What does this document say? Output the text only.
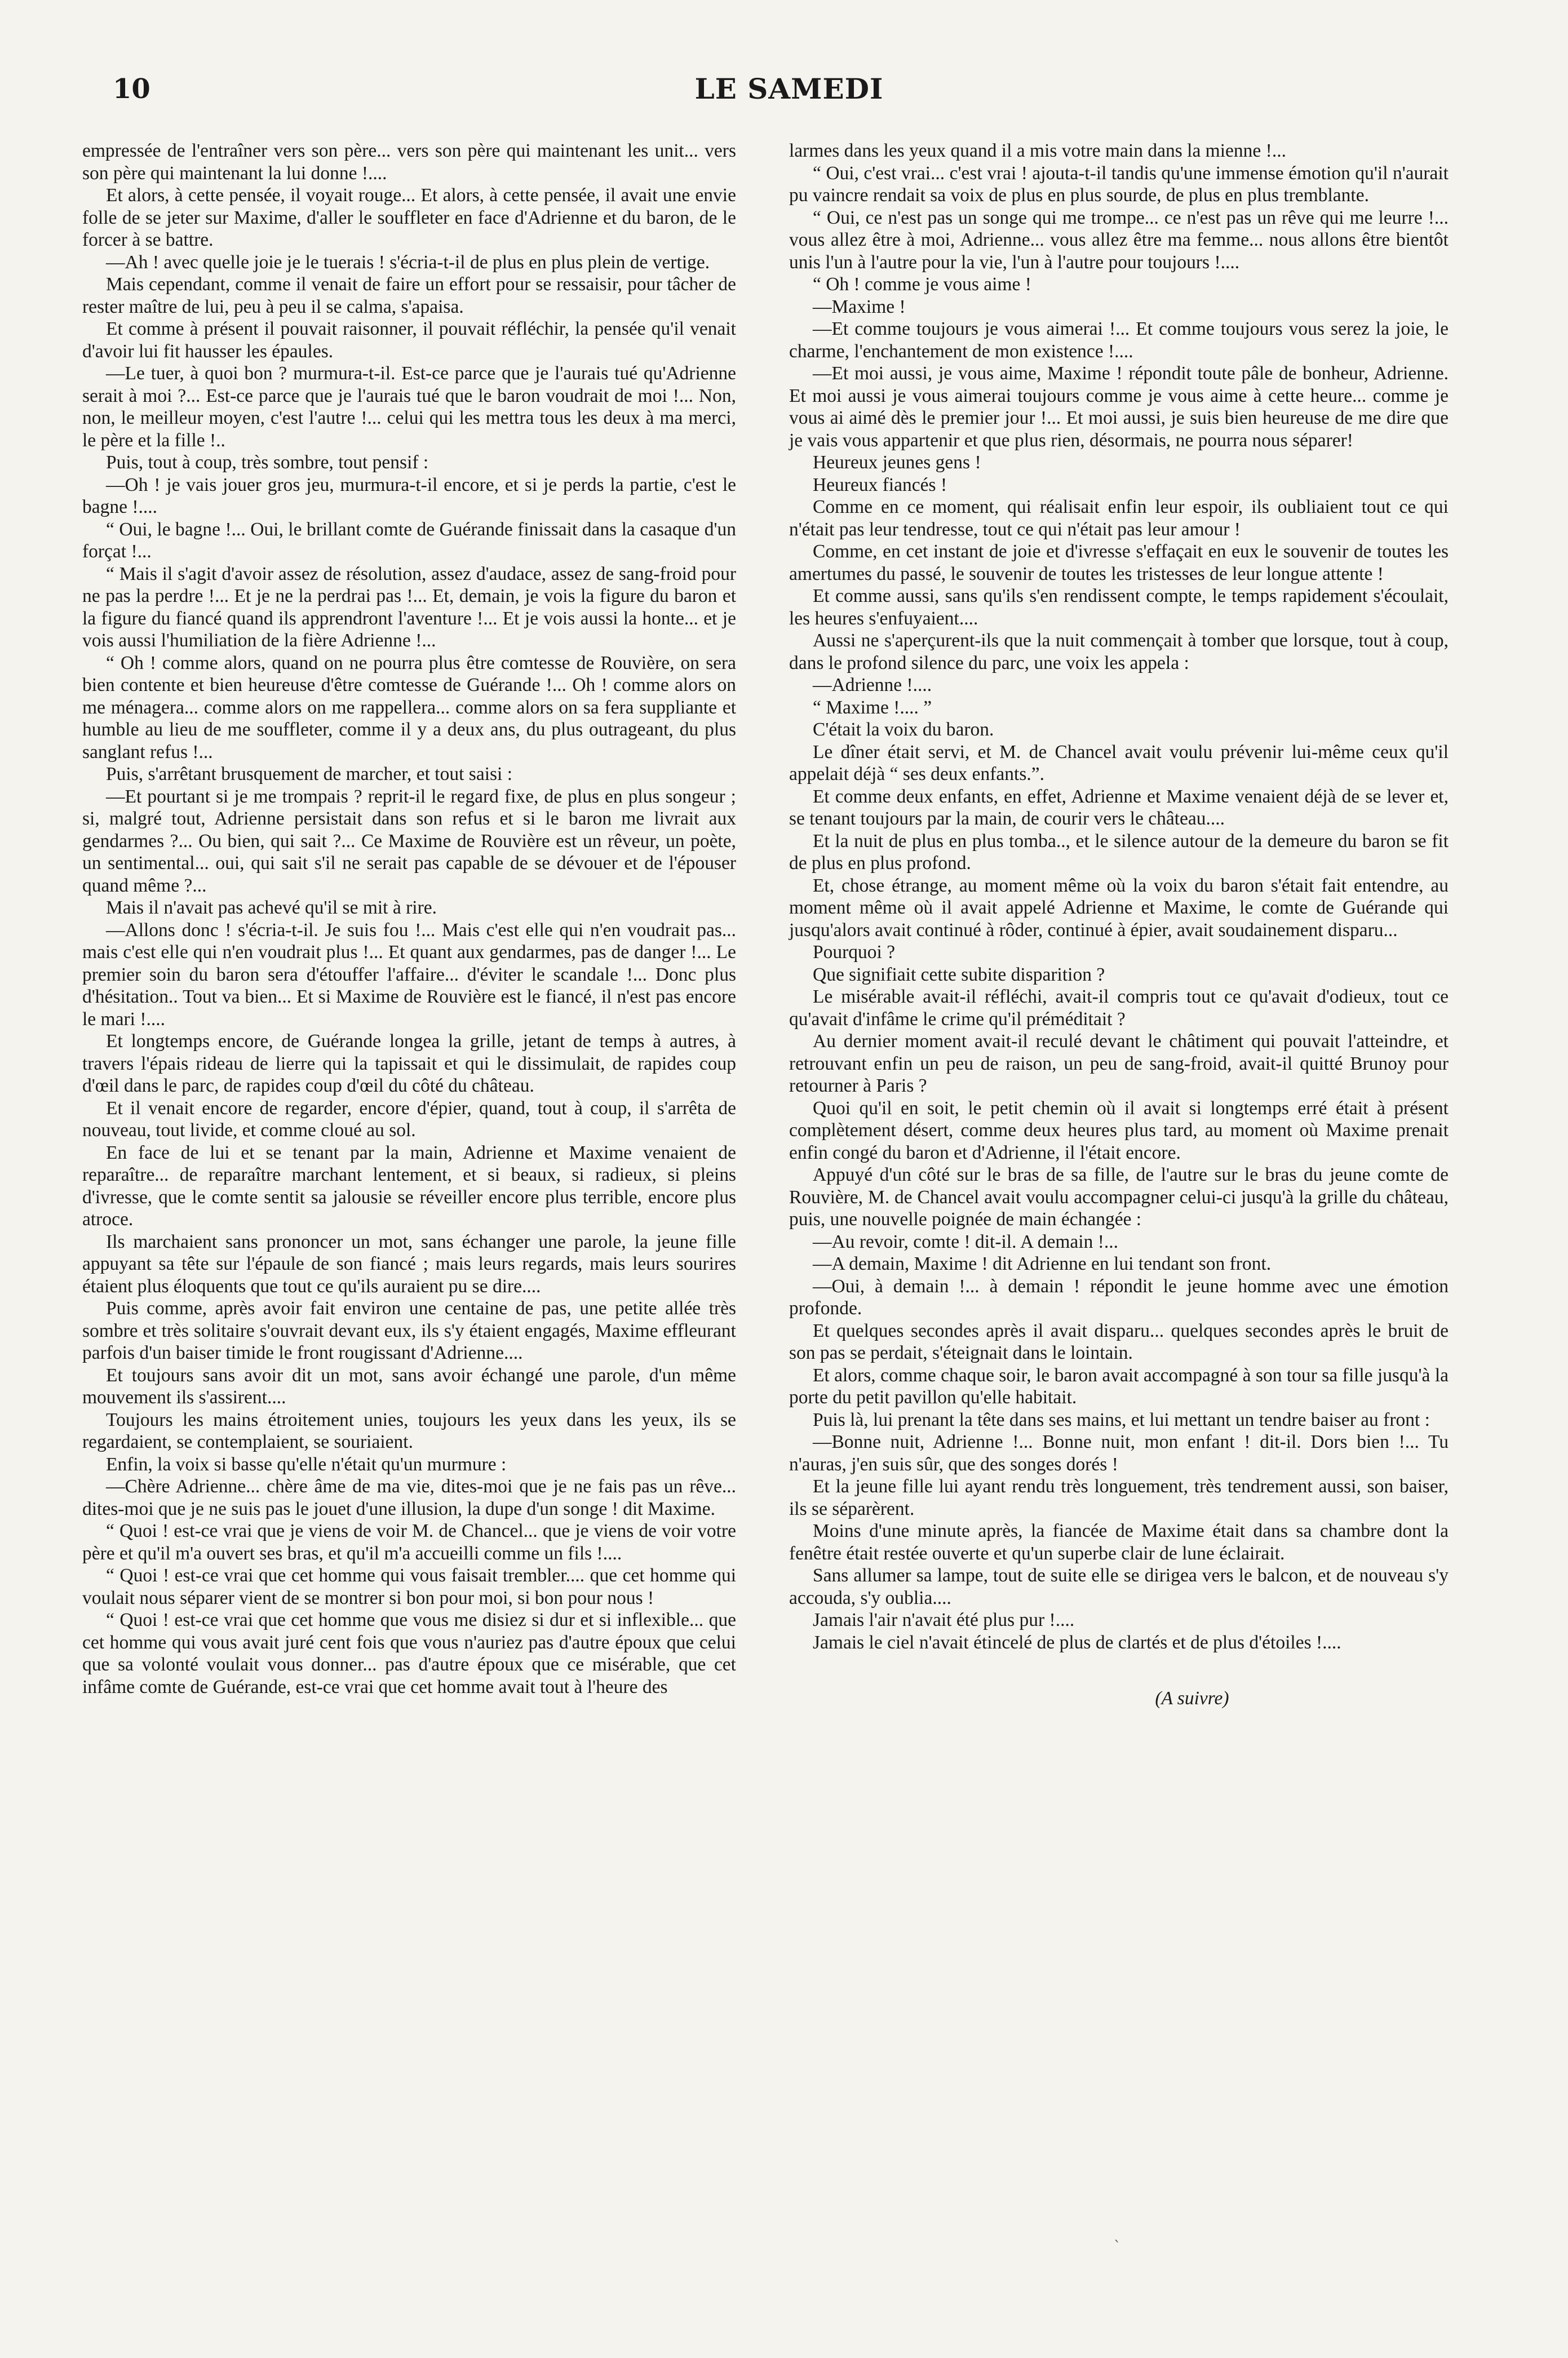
10	LE SAMEDI

empressée de l'entraîner vers son père... vers son père qui maintenant les unit... vers son père qui maintenant la lui donne !....

Et alors, à cette pensée, il voyait rouge... Et alors, à cette pensée, il avait une envie folle de se jeter sur Maxime, d'aller le souffleter en face d'Adrienne et du baron, de le forcer à se battre.

—Ah ! avec quelle joie je le tuerais ! s'écria-t-il de plus en plus plein de vertige.

Mais cependant, comme il venait de faire un effort pour se ressaisir, pour tâcher de rester maître de lui, peu à peu il se calma, s'apaisa.

Et comme à présent il pouvait raisonner, il pouvait réfléchir, la pensée qu'il venait d'avoir lui fit hausser les épaules.

—Le tuer, à quoi bon ? murmura-t-il. Est-ce parce que je l'aurais tué qu'Adrienne serait à moi ?... Est-ce parce que je l'aurais tué que le baron voudrait de moi !... Non, non, le meilleur moyen, c'est l'autre !... celui qui les mettra tous les deux à ma merci, le père et la fille !..

Puis, tout à coup, très sombre, tout pensif :

—Oh ! je vais jouer gros jeu, murmura-t-il encore, et si je perds la partie, c'est le bagne !....

“ Oui, le bagne !... Oui, le brillant comte de Guérande finissait dans la casaque d'un forçat !...

“ Mais il s'agit d'avoir assez de résolution, assez d'audace, assez de sang-froid pour ne pas la perdre !... Et je ne la perdrai pas !... Et, demain, je vois la figure du baron et la figure du fiancé quand ils apprendront l'aventure !... Et je vois aussi la honte... et je vois aussi l'humiliation de la fière Adrienne !...

“ Oh ! comme alors, quand on ne pourra plus être comtesse de Rouvière, on sera bien contente et bien heureuse d'être comtesse de Guérande !... Oh ! comme alors on me ménagera... comme alors on me rappellera... comme alors on sa fera suppliante et humble au lieu de me souffleter, comme il y a deux ans, du plus outrageant, du plus sanglant refus !...

Puis, s'arrêtant brusquement de marcher, et tout saisi :

—Et pourtant si je me trompais ? reprit-il le regard fixe, de plus en plus songeur ; si, malgré tout, Adrienne persistait dans son refus et si le baron me livrait aux gendarmes ?... Ou bien, qui sait ?... Ce Maxime de Rouvière est un rêveur, un poète, un sentimental... oui, qui sait s'il ne serait pas capable de se dévouer et de l'épouser quand même ?...

Mais il n'avait pas achevé qu'il se mit à rire.

—Allons donc ! s'écria-t-il. Je suis fou !... Mais c'est elle qui n'en voudrait pas... mais c'est elle qui n'en voudrait plus !... Et quant aux gendarmes, pas de danger !... Le premier soin du baron sera d'étouffer l'affaire... d'éviter le scandale !... Donc plus d'hésitation.. Tout va bien... Et si Maxime de Rouvière est le fiancé, il n'est pas encore le mari !....

Et longtemps encore, de Guérande longea la grille, jetant de temps à autres, à travers l'épais rideau de lierre qui la tapissait et qui le dissimulait, de rapides coup d'œil dans le parc, de rapides coup d'œil du côté du château.

Et il venait encore de regarder, encore d'épier, quand, tout à coup, il s'arrêta de nouveau, tout livide, et comme cloué au sol.

En face de lui et se tenant par la main, Adrienne et Maxime venaient de reparaître... de reparaître marchant lentement, et si beaux, si radieux, si pleins d'ivresse, que le comte sentit sa jalousie se réveiller encore plus terrible, encore plus atroce.

Ils marchaient sans prononcer un mot, sans échanger une parole, la jeune fille appuyant sa tête sur l'épaule de son fiancé ; mais leurs regards, mais leurs sourires étaient plus éloquents que tout ce qu'ils auraient pu se dire....

Puis comme, après avoir fait environ une centaine de pas, une petite allée très sombre et très solitaire s'ouvrait devant eux, ils s'y étaient engagés, Maxime effleurant parfois d'un baiser timide le front rougissant d'Adrienne....

Et toujours sans avoir dit un mot, sans avoir échangé une parole, d'un même mouvement ils s'assirent....

Toujours les mains étroitement unies, toujours les yeux dans les yeux, ils se regardaient, se contemplaient, se souriaient.

Enfin, la voix si basse qu'elle n'était qu'un murmure :

—Chère Adrienne... chère âme de ma vie, dites-moi que je ne fais pas un rêve... dites-moi que je ne suis pas le jouet d'une illusion, la dupe d'un songe ! dit Maxime.

“ Quoi ! est-ce vrai que je viens de voir M. de Chancel... que je viens de voir votre père et qu'il m'a ouvert ses bras, et qu'il m'a accueilli comme un fils !....

“ Quoi ! est-ce vrai que cet homme qui vous faisait trembler.... que cet homme qui voulait nous séparer vient de se montrer si bon pour moi, si bon pour nous !

“ Quoi ! est-ce vrai que cet homme que vous me disiez si dur et si inflexible... que cet homme qui vous avait juré cent fois que vous n'auriez pas d'autre époux que celui que sa volonté voulait vous donner... pas d'autre époux que ce misérable, que cet infâme comte de Guérande, est-ce vrai que cet homme avait tout à l'heure des

larmes dans les yeux quand il a mis votre main dans la mienne !...

“ Oui, c'est vrai... c'est vrai ! ajouta-t-il tandis qu'une immense émotion qu'il n'aurait pu vaincre rendait sa voix de plus en plus sourde, de plus en plus tremblante.

“ Oui, ce n'est pas un songe qui me trompe... ce n'est pas un rêve qui me leurre !... vous allez être à moi, Adrienne... vous allez être ma femme... nous allons être bientôt unis l'un à l'autre pour la vie, l'un à l'autre pour toujours !....

“ Oh ! comme je vous aime !

—Maxime !

—Et comme toujours je vous aimerai !... Et comme toujours vous serez la joie, le charme, l'enchantement de mon existence !....

—Et moi aussi, je vous aime, Maxime ! répondit toute pâle de bonheur, Adrienne. Et moi aussi je vous aimerai toujours comme je vous aime à cette heure... comme je vous ai aimé dès le premier jour !... Et moi aussi, je suis bien heureuse de me dire que je vais vous appartenir et que plus rien, désormais, ne pourra nous séparer!

Heureux jeunes gens !

Heureux fiancés !

Comme en ce moment, qui réalisait enfin leur espoir, ils oubliaient tout ce qui n'était pas leur tendresse, tout ce qui n'était pas leur amour !

Comme, en cet instant de joie et d'ivresse s'effaçait en eux le souvenir de toutes les amertumes du passé, le souvenir de toutes les tristesses de leur longue attente !

Et comme aussi, sans qu'ils s'en rendissent compte, le temps rapidement s'écoulait, les heures s'enfuyaient....

Aussi ne s'aperçurent-ils que la nuit commençait à tomber que lorsque, tout à coup, dans le profond silence du parc, une voix les appela :

—Adrienne !....

“ Maxime !.... ”

C'était la voix du baron.

Le dîner était servi, et M. de Chancel avait voulu prévenir lui-même ceux qu'il appelait déjà “ ses deux enfants.”.

Et comme deux enfants, en effet, Adrienne et Maxime venaient déjà de se lever et, se tenant toujours par la main, de courir vers le château....

Et la nuit de plus en plus tomba.., et le silence autour de la demeure du baron se fit de plus en plus profond.

Et, chose étrange, au moment même où la voix du baron s'était fait entendre, au moment même où il avait appelé Adrienne et Maxime, le comte de Guérande qui jusqu'alors avait continué à rôder, continué à épier, avait soudainement disparu...

Pourquoi ?

Que signifiait cette subite disparition ?

Le misérable avait-il réfléchi, avait-il compris tout ce qu'avait d'odieux, tout ce qu'avait d'infâme le crime qu'il préméditait ?

Au dernier moment avait-il reculé devant le châtiment qui pouvait l'atteindre, et retrouvant enfin un peu de raison, un peu de sang-froid, avait-il quitté Brunoy pour retourner à Paris ?

Quoi qu'il en soit, le petit chemin où il avait si longtemps erré était à présent complètement désert, comme deux heures plus tard, au moment où Maxime prenait enfin congé du baron et d'Adrienne, il l'était encore.

Appuyé d'un côté sur le bras de sa fille, de l'autre sur le bras du jeune comte de Rouvière, M. de Chancel avait voulu accompagner celui-ci jusqu'à la grille du château, puis, une nouvelle poignée de main échangée :

—Au revoir, comte ! dit-il. A demain !...

—A demain, Maxime ! dit Adrienne en lui tendant son front.

—Oui, à demain !... à demain ! répondit le jeune homme avec une émotion profonde.

Et quelques secondes après il avait disparu... quelques secondes après le bruit de son pas se perdait, s'éteignait dans le lointain.

Et alors, comme chaque soir, le baron avait accompagné à son tour sa fille jusqu'à la porte du petit pavillon qu'elle habitait.

Puis là, lui prenant la tête dans ses mains, et lui mettant un tendre baiser au front :

—Bonne nuit, Adrienne !... Bonne nuit, mon enfant ! dit-il. Dors bien !... Tu n'auras, j'en suis sûr, que des songes dorés !

Et la jeune fille lui ayant rendu très longuement, très tendrement aussi, son baiser, ils se séparèrent.

Moins d'une minute après, la fiancée de Maxime était dans sa chambre dont la fenêtre était restée ouverte et qu'un superbe clair de lune éclairait.

Sans allumer sa lampe, tout de suite elle se dirigea vers le balcon, et de nouveau s'y accouda, s'y oublia....

Jamais l'air n'avait été plus pur !....

Jamais le ciel n'avait étincelé de plus de clartés et de plus d'étoiles !....

(A suivre)

ˋ
